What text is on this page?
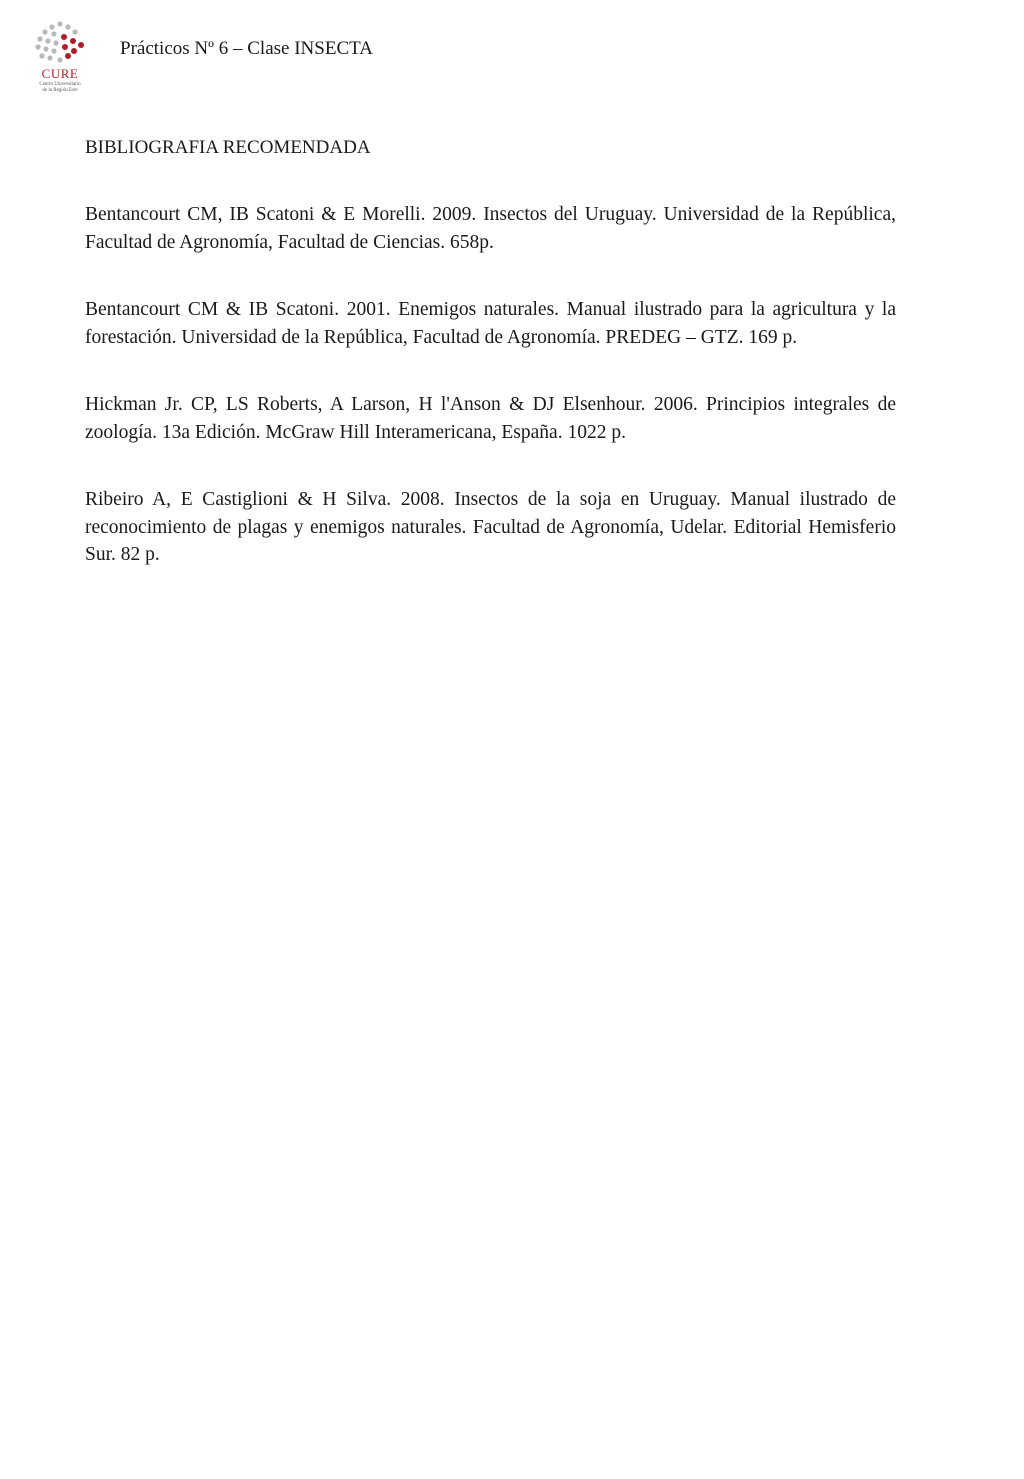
CURE
Centro Universitario
de la Región Este
Prácticos Nº 6 – Clase INSECTA
BIBLIOGRAFIA RECOMENDADA

Bentancourt CM, IB Scatoni & E Morelli. 2009. Insectos del Uruguay. Universidad de la República, Facultad de Agronomía, Facultad de Ciencias. 658p.

Bentancourt CM & IB Scatoni. 2001. Enemigos naturales. Manual ilustrado para la agricultura y la forestación. Universidad de la República, Facultad de Agronomía. PREDEG – GTZ. 169 p.

Hickman Jr. CP, LS Roberts, A Larson, H l'Anson & DJ Elsenhour. 2006. Principios integrales de zoología. 13a Edición. McGraw Hill Interamericana, España. 1022 p.

Ribeiro A, E Castiglioni & H Silva. 2008. Insectos de la soja en Uruguay. Manual ilustrado de reconocimiento de plagas y enemigos naturales. Facultad de Agronomía, Udelar. Editorial Hemisferio Sur. 82 p.
